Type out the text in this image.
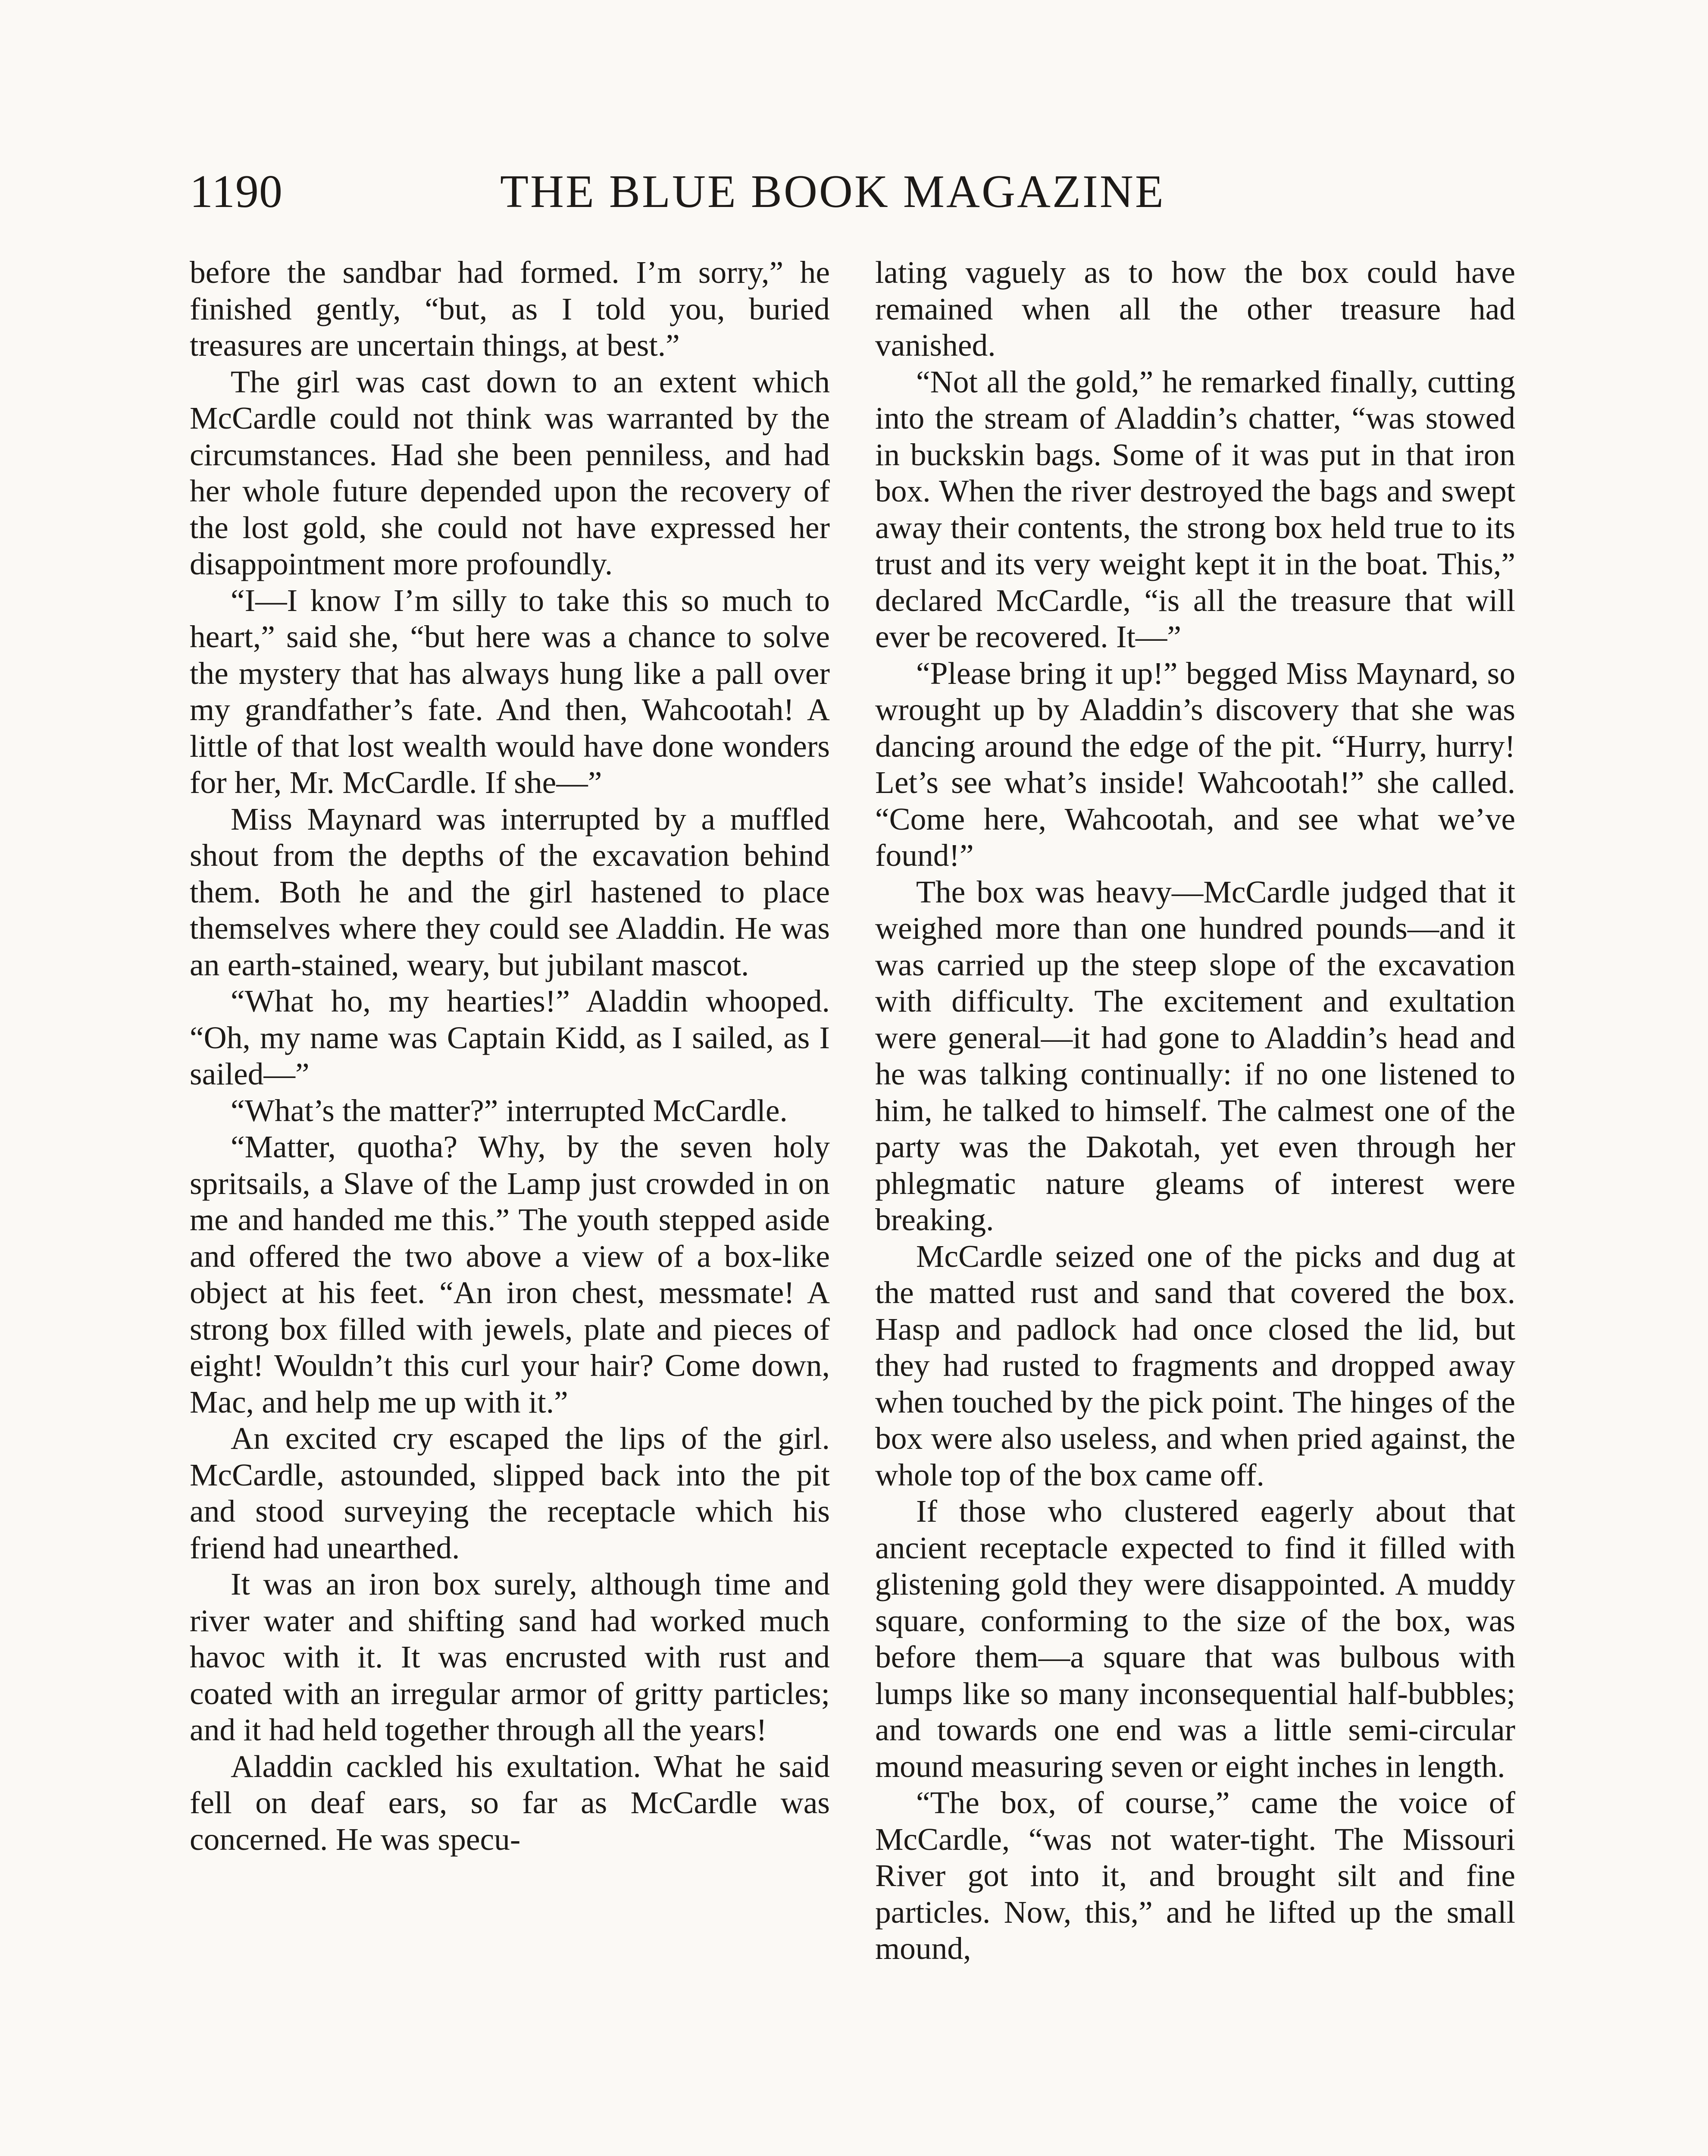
1190	THE BLUE BOOK MAGAZINE

before the sandbar had formed. I’m sorry,” he finished gently, “but, as I told you, buried treasures are uncertain things, at best.”

The girl was cast down to an extent which McCardle could not think was warranted by the circumstances. Had she been penniless, and had her whole future depended upon the recovery of the lost gold, she could not have expressed her disappointment more profoundly.

“I—I know I’m silly to take this so much to heart,” said she, “but here was a chance to solve the mystery that has always hung like a pall over my grandfather’s fate. And then, Wahcootah! A little of that lost wealth would have done wonders for her, Mr. McCardle. If she—”

Miss Maynard was interrupted by a muffled shout from the depths of the excavation behind them. Both he and the girl hastened to place themselves where they could see Aladdin. He was an earth-stained, weary, but jubilant mascot.

“What ho, my hearties!” Aladdin whooped. “Oh, my name was Captain Kidd, as I sailed, as I sailed—”

“What’s the matter?” interrupted McCardle.

“Matter, quotha? Why, by the seven holy spritsails, a Slave of the Lamp just crowded in on me and handed me this.” The youth stepped aside and offered the two above a view of a box-like object at his feet. “An iron chest, messmate! A strong box filled with jewels, plate and pieces of eight! Wouldn’t this curl your hair? Come down, Mac, and help me up with it.”

An excited cry escaped the lips of the girl. McCardle, astounded, slipped back into the pit and stood surveying the receptacle which his friend had unearthed.

It was an iron box surely, although time and river water and shifting sand had worked much havoc with it. It was encrusted with rust and coated with an irregular armor of gritty particles; and it had held together through all the years!

Aladdin cackled his exultation. What he said fell on deaf ears, so far as McCardle was concerned. He was specu-

lating vaguely as to how the box could have remained when all the other treasure had vanished.

“Not all the gold,” he remarked finally, cutting into the stream of Aladdin’s chatter, “was stowed in buckskin bags. Some of it was put in that iron box. When the river destroyed the bags and swept away their contents, the strong box held true to its trust and its very weight kept it in the boat. This,” declared McCardle, “is all the treasure that will ever be recovered. It—”

“Please bring it up!” begged Miss Maynard, so wrought up by Aladdin’s discovery that she was dancing around the edge of the pit. “Hurry, hurry! Let’s see what’s inside! Wahcootah!” she called. “Come here, Wahcootah, and see what we’ve found!”

The box was heavy—McCardle judged that it weighed more than one hundred pounds—and it was carried up the steep slope of the excavation with difficulty. The excitement and exultation were general—it had gone to Aladdin’s head and he was talking continually: if no one listened to him, he talked to himself. The calmest one of the party was the Dakotah, yet even through her phlegmatic nature gleams of interest were breaking.

McCardle seized one of the picks and dug at the matted rust and sand that covered the box. Hasp and padlock had once closed the lid, but they had rusted to fragments and dropped away when touched by the pick point. The hinges of the box were also useless, and when pried against, the whole top of the box came off.

If those who clustered eagerly about that ancient receptacle expected to find it filled with glistening gold they were disappointed. A muddy square, conforming to the size of the box, was before them—a square that was bulbous with lumps like so many inconsequential half-bubbles; and towards one end was a little semi-circular mound measuring seven or eight inches in length.

“The box, of course,” came the voice of McCardle, “was not water-tight. The Missouri River got into it, and brought silt and fine particles. Now, this,” and he lifted up the small mound,
